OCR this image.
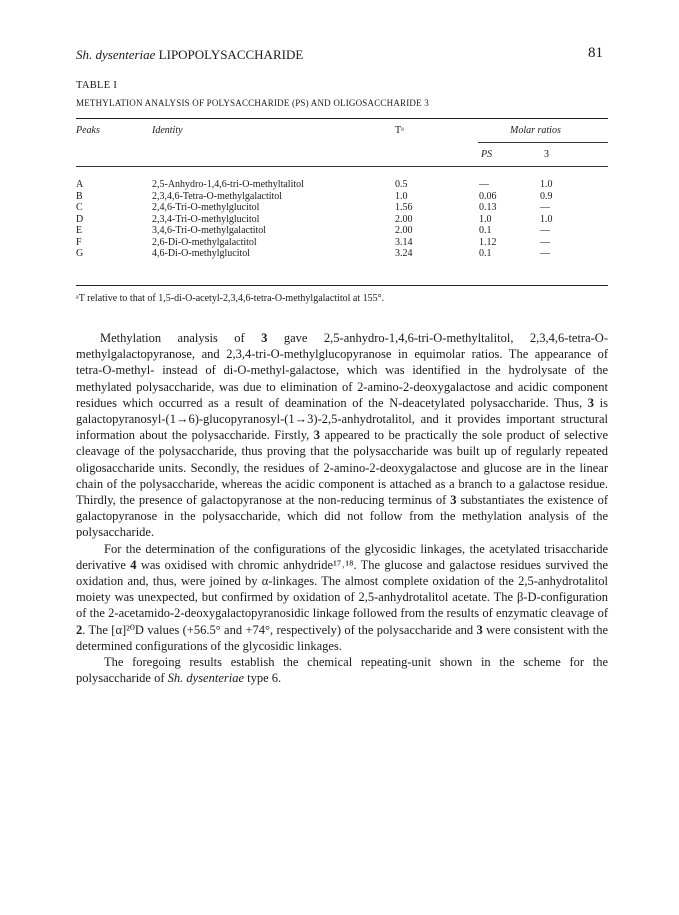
Sh. dysenteriae LIPOPOLYSACCHARIDE	81
TABLE I
METHYLATION ANALYSIS OF POLYSACCHARIDE (PS) AND OLIGOSACCHARIDE 3
Peaks	Identity	Tᵃ	Molar ratios
PS	3
A	2,5-Anhydro-1,4,6-tri-O-methyltalitol	0.5	—	1.0
B	2,3,4,6-Tetra-O-methylgalactitol	1.0	0.06	0.9
C	2,4,6-Tri-O-methylglucitol	1.56	0.13	—
D	2,3,4-Tri-O-methylglucitol	2.00	1.0	1.0
E	3,4,6-Tri-O-methylgalactitol	2.00	0.1	—
F	2,6-Di-O-methylgalactitol	3.14	1.12	—
G	4,6-Di-O-methylglucitol	3.24	0.1	—
ᵃT relative to that of 1,5-di-O-acetyl-2,3,4,6-tetra-O-methylgalactitol at 155°.

Methylation analysis of 3 gave 2,5-anhydro-1,4,6-tri-O-methyltalitol, 2,3,4,6-tetra-O-methylgalactopyranose, and 2,3,4-tri-O-methylglucopyranose in equimolar ratios. The appearance of tetra-O-methyl- instead of di-O-methyl-galactose, which was identified in the hydrolysate of the methylated polysaccharide, was due to elimination of 2-amino-2-deoxygalactose and acidic component residues which occurred as a result of deamination of the N-deacetylated polysaccharide. Thus, 3 is galactopyranosyl-(1→6)-glucopyranosyl-(1→3)-2,5-anhydrotalitol, and it provides important structural information about the polysaccharide. Firstly, 3 appeared to be practically the sole product of selective cleavage of the polysaccharide, thus proving that the polysaccharide was built up of regularly repeated oligosaccharide units. Secondly, the residues of 2-amino-2-deoxygalactose and glucose are in the linear chain of the polysaccharide, whereas the acidic component is attached as a branch to a galactose residue. Thirdly, the presence of galactopyranose at the non-reducing terminus of 3 substantiates the existence of galactopyranose in the polysaccharide, which did not follow from the methylation analysis of the polysaccharide.

For the determination of the configurations of the glycosidic linkages, the acetylated trisaccharide derivative 4 was oxidised with chromic anhydride¹⁷˒¹⁸. The glucose and galactose residues survived the oxidation and, thus, were joined by α-linkages. The almost complete oxidation of the 2,5-anhydrotalitol moiety was unexpected, but confirmed by oxidation of 2,5-anhydrotalitol acetate. The β-D-configuration of the 2-acetamido-2-deoxygalactopyranosidic linkage followed from the results of enzymatic cleavage of 2. The [α]²⁰D values (+56.5° and +74°, respectively) of the polysaccharide and 3 were consistent with the determined configurations of the glycosidic linkages.

The foregoing results establish the chemical repeating-unit shown in the scheme for the polysaccharide of Sh. dysenteriae type 6.
